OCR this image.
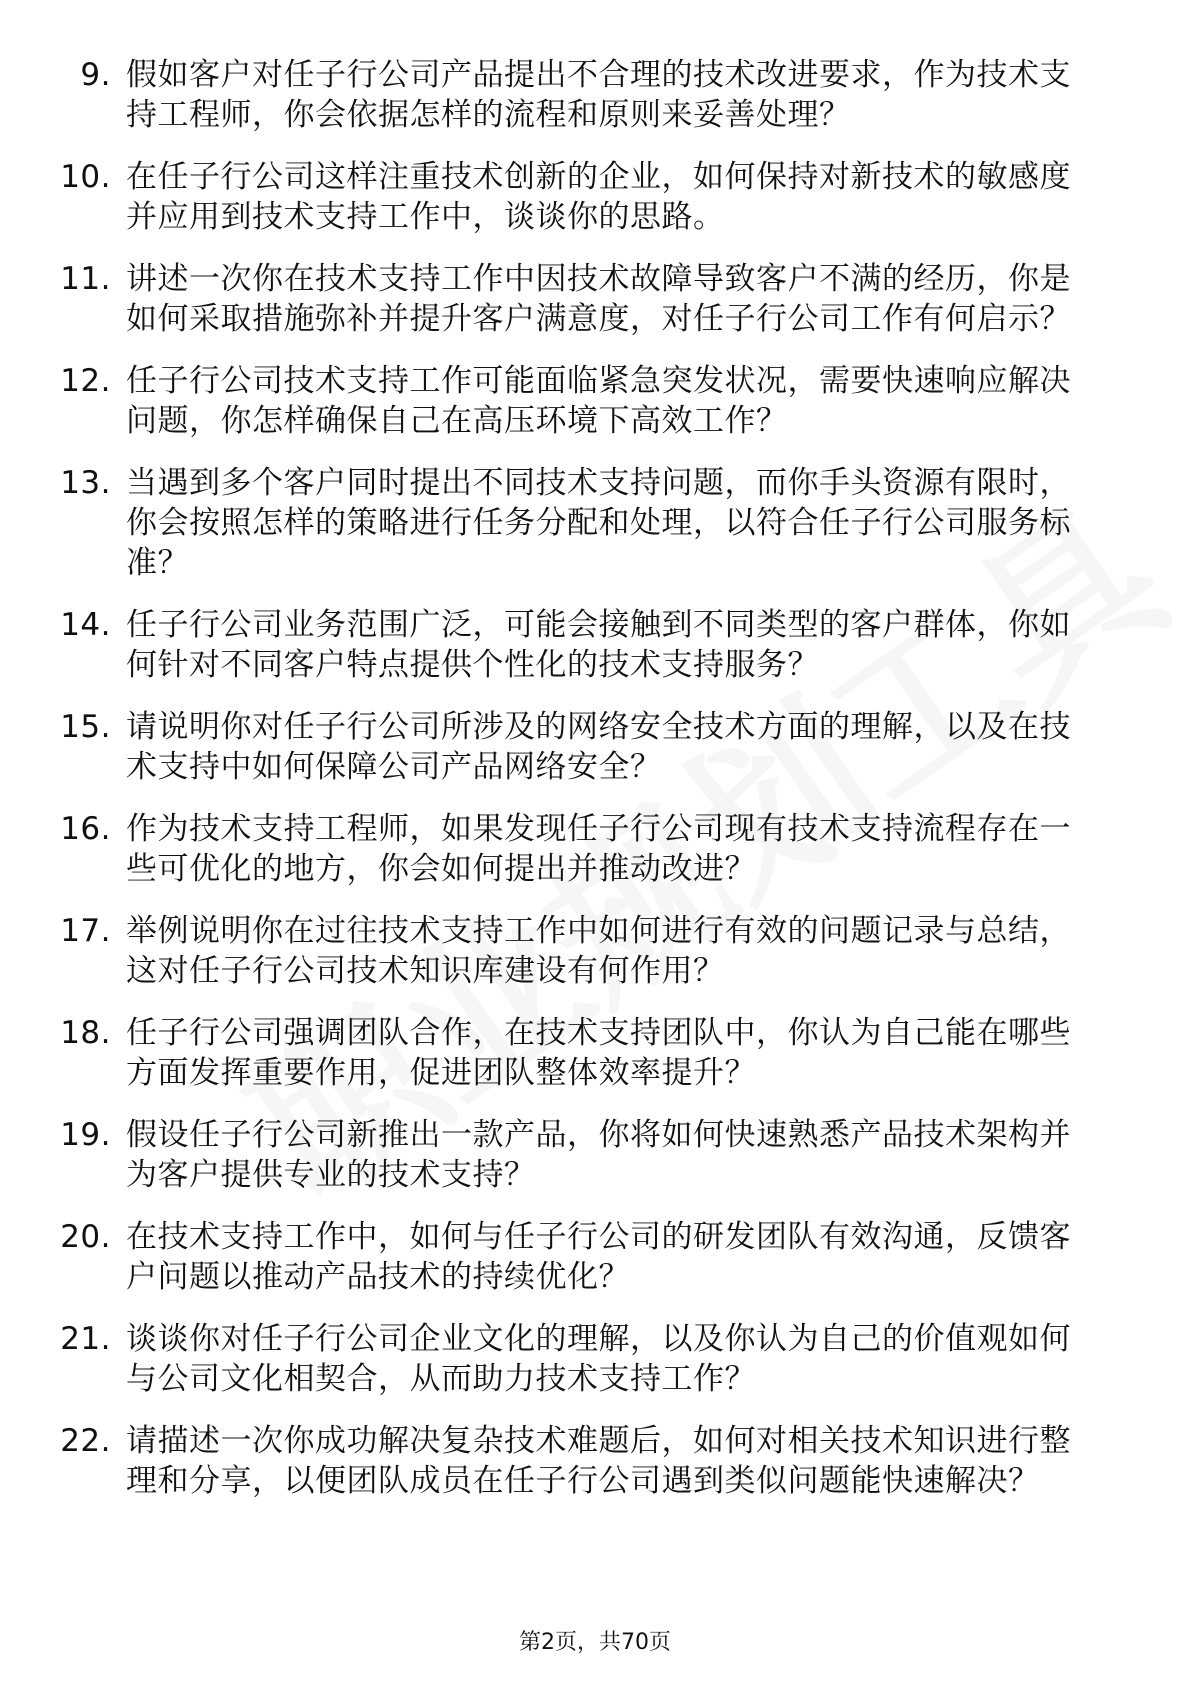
9. 假如客户对任子行公司产品提出不合理的技术改进要求，作为技术支持工程师，你会依据怎样的流程和原则来妥善处理？
10. 在任子行公司这样注重技术创新的企业，如何保持对新技术的敏感度并应用到技术支持工作中，谈谈你的思路。
11. 讲述一次你在技术支持工作中因技术故障导致客户不满的经历，你是如何采取措施弥补并提升客户满意度，对任子行公司工作有何启示？
12. 任子行公司技术支持工作可能面临紧急突发状况，需要快速响应解决问题，你怎样确保自己在高压环境下高效工作？
13. 当遇到多个客户同时提出不同技术支持问题，而你手头资源有限时，你会按照怎样的策略进行任务分配和处理，以符合任子行公司服务标准？
14. 任子行公司业务范围广泛，可能会接触到不同类型的客户群体，你如何针对不同客户特点提供个性化的技术支持服务？
15. 请说明你对任子行公司所涉及的网络安全技术方面的理解，以及在技术支持中如何保障公司产品网络安全？
16. 作为技术支持工程师，如果发现任子行公司现有技术支持流程存在一些可优化的地方，你会如何提出并推动改进？
17. 举例说明你在过往技术支持工作中如何进行有效的问题记录与总结，这对任子行公司技术知识库建设有何作用？
18. 任子行公司强调团队合作，在技术支持团队中，你认为自己能在哪些方面发挥重要作用，促进团队整体效率提升？
19. 假设任子行公司新推出一款产品，你将如何快速熟悉产品技术架构并为客户提供专业的技术支持？
20. 在技术支持工作中，如何与任子行公司的研发团队有效沟通，反馈客户问题以推动产品技术的持续优化？
21. 谈谈你对任子行公司企业文化的理解，以及你认为自己的价值观如何与公司文化相契合，从而助力技术支持工作？
22. 请描述一次你成功解决复杂技术难题后，如何对相关技术知识进行整理和分享，以便团队成员在任子行公司遇到类似问题能快速解决？
第2页，共70页
